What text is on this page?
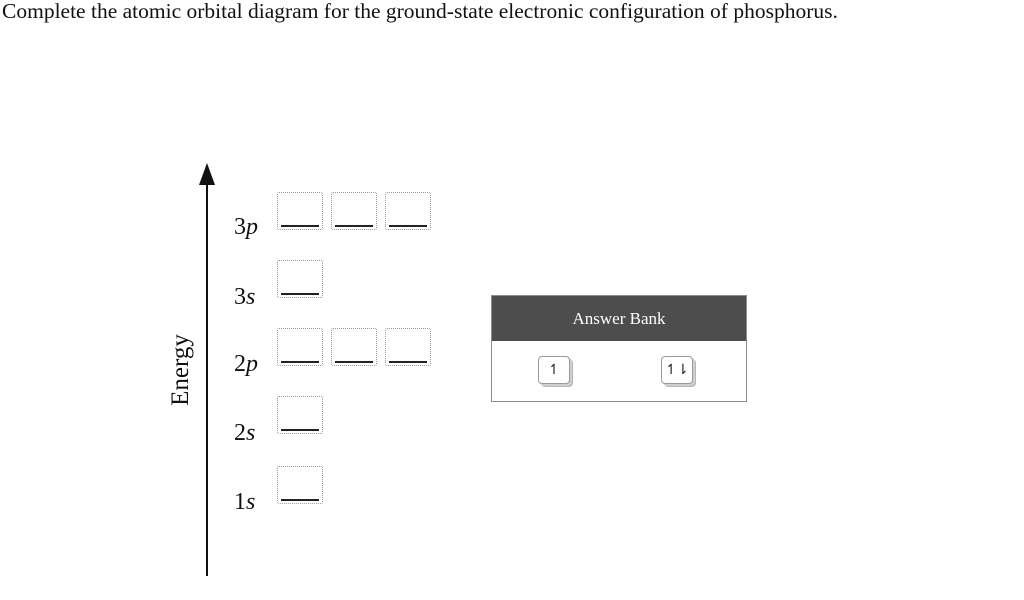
Complete the atomic orbital diagram for the ground-state electronic configuration of phosphorus.
Energy
3p
3s
2p
2s
1s
Answer Bank
↿	↿⇂
